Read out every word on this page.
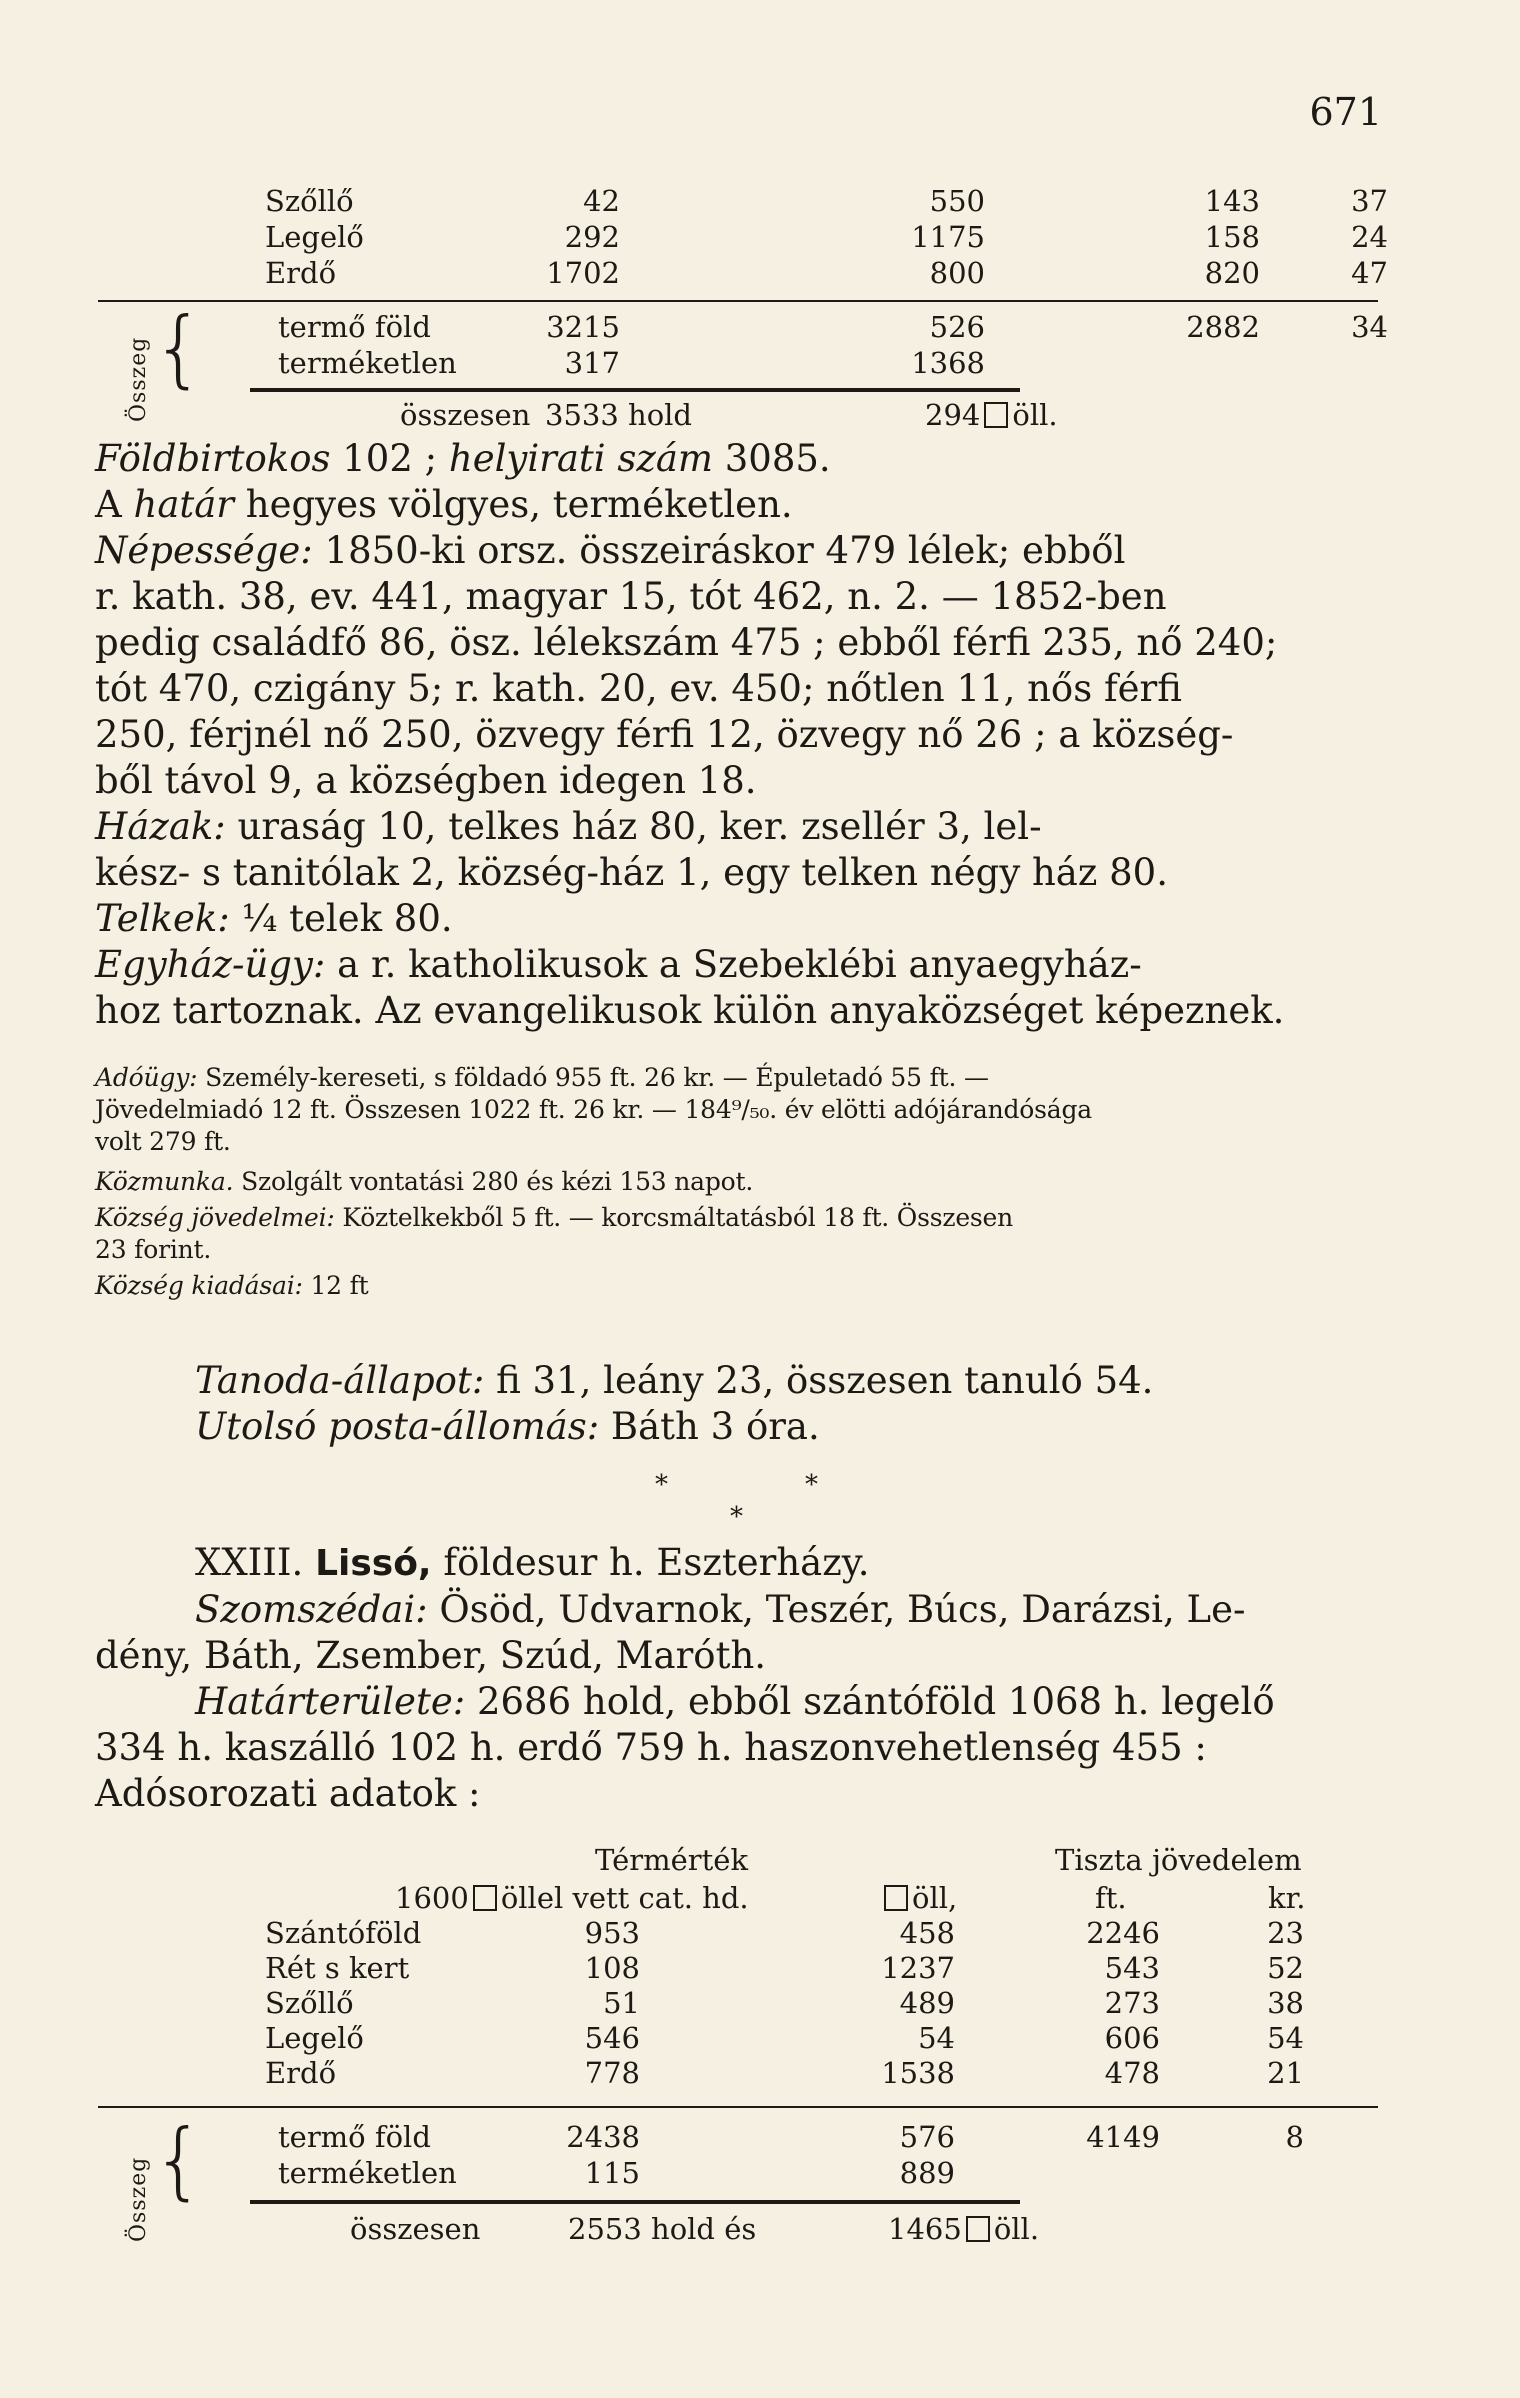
671
Szőllő	42	550	143	37
Legelő	292	1175	158	24
Erdő	1702	800	820	47
Összeg {	termő föld	3215	526	2882	34
terméketlen	317	1368
összesen 3533 hold	294 öll.
Földbirtokos 102 ; helyirati szám 3085.
A határ hegyes völgyes, terméketlen.
Népessége: 1850-ki orsz. összeiráskor 479 lélek; ebből
r. kath. 38, ev. 441, magyar 15, tót 462, n. 2. — 1852-ben
pedig családfő 86, ösz. lélekszám 475 ; ebből férfi 235, nő 240;
tót 470, czigány 5; r. kath. 20, ev. 450; nőtlen 11, nős férfi
250, férjnél nő 250, özvegy férfi 12, özvegy nő 26 ; a község-
ből távol 9, a községben idegen 18.
Házak: uraság 10, telkes ház 80, ker. zsellér 3, lel-
kész- s tanitólak 2, község-ház 1, egy telken négy ház 80.
Telkek: ¼ telek 80.
Egyház-ügy: a r. katholikusok a Szebeklébi anyaegyház-
hoz tartoznak. Az evangelikusok külön anyaközséget képeznek.
Adóügy: Személy-kereseti, s földadó 955 ft. 26 kr. — Épuletadó 55 ft. —
Jövedelmiadó 12 ft. Összesen 1022 ft. 26 kr. — 184⁹/₅₀. év elötti adójárandósága
volt 279 ft.
Közmunka. Szolgált vontatási 280 és kézi 153 napot.
Község jövedelmei: Köztelkekből 5 ft. — korcsmáltatásból 18 ft. Összesen
23 forint.
Község kiadásai: 12 ft
Tanoda-állapot: fi 31, leány 23, összesen tanuló 54.
Utolsó posta-állomás: Báth 3 óra.
*	*
*
XXIII. Lissó, földesur h. Eszterházy.
Szomszédai: Ösöd, Udvarnok, Teszér, Búcs, Darázsi, Le-
dény, Báth, Zsember, Szúd, Maróth.
Határterülete: 2686 hold, ebből szántóföld 1068 h. legelő
334 h. kaszálló 102 h. erdő 759 h. haszonvehetlenség 455 :
Adósorozati adatok :
Térmérték	Tiszta jövedelem
1600 öllel vett cat. hd.	öll,	ft.	kr.
Szántóföld	953	458	2246	23
Rét s kert	108	1237	543	52
Szőllő	51	489	273	38
Legelő	546	54	606	54
Erdő	778	1538	478	21
Összeg {	termő föld	2438	576	4149	8
terméketlen	115	889
összesen	2553 hold és	1465 öll.
